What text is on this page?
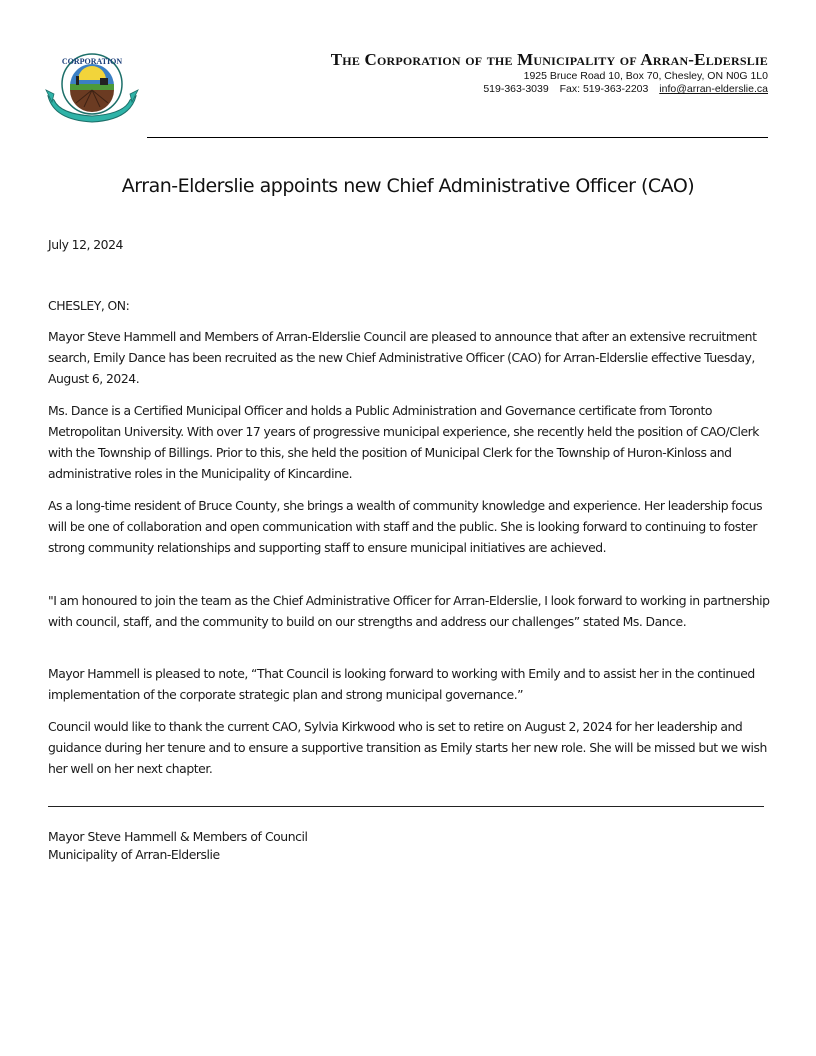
CORPORATION	The Corporation of the Municipality of Arran-Elderslie
1925 Bruce Road 10, Box 70, Chesley, ON N0G 1L0
519-363-3039 Fax: 519-363-2203 info@arran-elderslie.ca
Arran-Elderslie appoints new Chief Administrative Officer (CAO)
July 12, 2024
CHESLEY, ON:

Mayor Steve Hammell and Members of Arran-Elderslie Council are pleased to announce that after an extensive recruitment search, Emily Dance has been recruited as the new Chief Administrative Officer (CAO) for Arran-Elderslie effective Tuesday, August 6, 2024.

Ms. Dance is a Certified Municipal Officer and holds a Public Administration and Governance certificate from Toronto Metropolitan University. With over 17 years of progressive municipal experience, she recently held the position of CAO/Clerk with the Township of Billings. Prior to this, she held the position of Municipal Clerk for the Township of Huron-Kinloss and administrative roles in the Municipality of Kincardine.

As a long-time resident of Bruce County, she brings a wealth of community knowledge and experience. Her leadership focus will be one of collaboration and open communication with staff and the public. She is looking forward to continuing to foster strong community relationships and supporting staff to ensure municipal initiatives are achieved.

"I am honoured to join the team as the Chief Administrative Officer for Arran-Elderslie, I look forward to working in partnership with council, staff, and the community to build on our strengths and address our challenges” stated Ms. Dance.

Mayor Hammell is pleased to note, “That Council is looking forward to working with Emily and to assist her in the continued implementation of the corporate strategic plan and strong municipal governance.”

Council would like to thank the current CAO, Sylvia Kirkwood who is set to retire on August 2, 2024 for her leadership and guidance during her tenure and to ensure a supportive transition as Emily starts her new role. She will be missed but we wish her well on her next chapter.

Mayor Steve Hammell & Members of Council
Municipality of Arran-Elderslie
